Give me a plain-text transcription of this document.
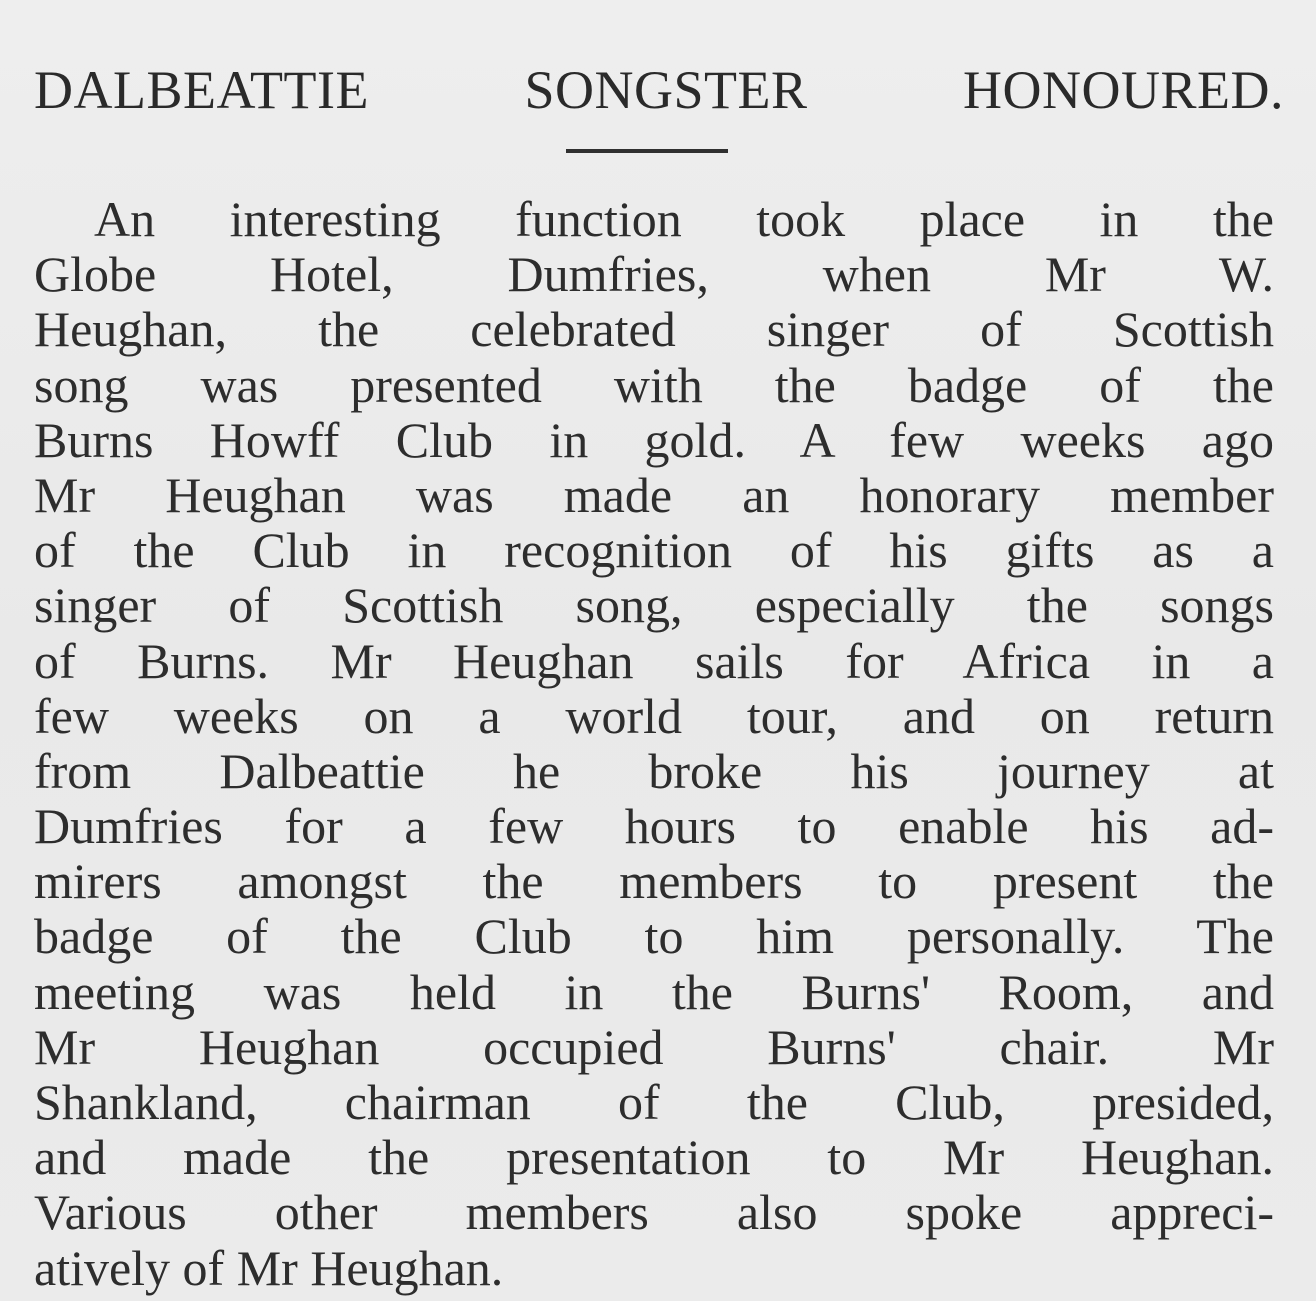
DALBEATTIE SONGSTER HONOURED.
An interesting function took place in the
Globe Hotel, Dumfries, when Mr W.
Heughan, the celebrated singer of Scottish
song was presented with the badge of the
Burns Howff Club in gold. A few weeks ago
Mr Heughan was made an honorary member
of the Club in recognition of his gifts as a
singer of Scottish song, especially the songs
of Burns. Mr Heughan sails for Africa in a
few weeks on a world tour, and on return
from Dalbeattie he broke his journey at
Dumfries for a few hours to enable his ad-
mirers amongst the members to present the
badge of the Club to him personally. The
meeting was held in the Burns' Room, and
Mr Heughan occupied Burns' chair. Mr
Shankland, chairman of the Club, presided,
and made the presentation to Mr Heughan.
Various other members also spoke appreci-
atively of Mr Heughan.
